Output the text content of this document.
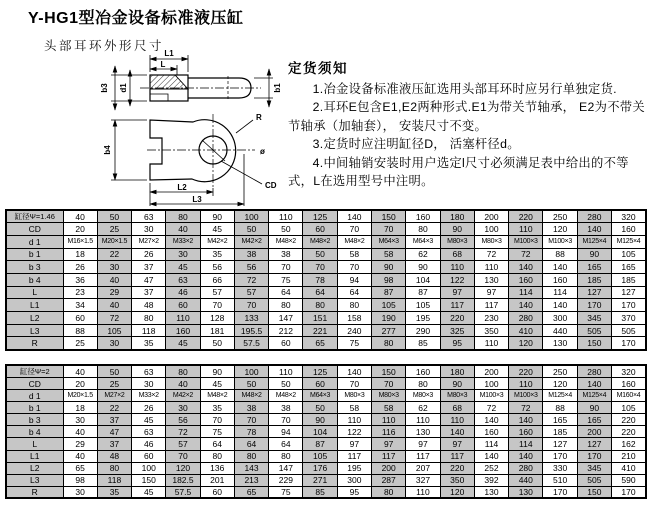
Y-HG1型冶金设备标准液压缸
头部耳环外形尺寸
L1
L
b3 d1	b1
R
ø
CD
b4
L2
L3

定货须知

1.冶金设备标准液压缸选用头部耳环时应另行单独定货.

2.耳环E包含E1,E2两种形式.E1为带关节轴承， E2为不带关节轴承（加轴套）， 安装尺寸不变。

3.定货时应注明缸径D， 活塞杆径d。

4.中间轴销安装时用户选定l尺寸必须满足表中给出的不等式，L在选用型号中注明。

缸径Ψ=1.46	40	50	63	80	90	100	110	125	140	150	160	180	200	220	250	280	320
CD	20	25	30	40	45	50	50	60	70	70	80	90	100	110	120	140	160
d 1	M16×1.5	M20×1.5	M27×2	M33×2	M42×2	M42×2	M48×2	M48×2	M48×2	M64×3	M64×3	M80×3	M80×3	M100×3	M100×3	M125×4	M125×4
b 1	18	22	26	30	35	38	38	50	58	58	62	68	72	72	88	90	105
b 3	26	30	37	45	56	56	70	70	70	90	90	110	110	140	140	165	165
b 4	36	40	47	63	66	72	75	78	94	98	104	122	130	160	160	185	185
L	23	29	37	46	57	57	64	64	64	87	87	97	97	114	114	127	127
L1	34	40	48	60	70	70	80	80	80	105	105	117	117	140	140	170	170
L2	60	72	80	110	128	133	147	151	158	190	195	220	230	280	300	345	370
L3	88	105	118	160	181	195.5	212	221	240	277	290	325	350	410	440	505	505
R	25	30	35	45	50	57.5	60	65	75	80	85	95	110	120	130	150	170
缸径Ψ=2	40	50	63	80	90	100	110	125	140	150	160	180	200	220	250	280	320
CD	20	25	30	40	45	50	50	60	70	70	80	90	100	110	120	140	160
d 1	M20×1.5	M27×2	M33×2	M42×2	M48×2	M48×2	M48×2	M64×3	M80×3	M80×3	M80×3	M80×3	M100×3	M100×3	M125×4	M125×4	M160×4
b 1	18	22	26	30	35	38	38	50	58	58	62	68	72	72	88	90	105
b 3	30	37	45	56	70	70	70	90	110	110	110	110	140	140	165	165	220
b 4	40	47	63	72	75	78	94	104	122	116	130	140	160	160	185	200	220
L	29	37	46	57	64	64	64	87	97	97	97	97	114	114	127	127	162
L1	40	48	60	70	80	80	80	105	117	117	117	117	140	140	170	170	210
L2	65	80	100	120	136	143	147	176	195	200	207	220	252	280	330	345	410
L3	98	118	150	182.5	201	213	229	271	300	287	327	350	392	440	510	505	590
R	30	35	45	57.5	60	65	75	85	95	80	110	120	130	130	170	150	170
